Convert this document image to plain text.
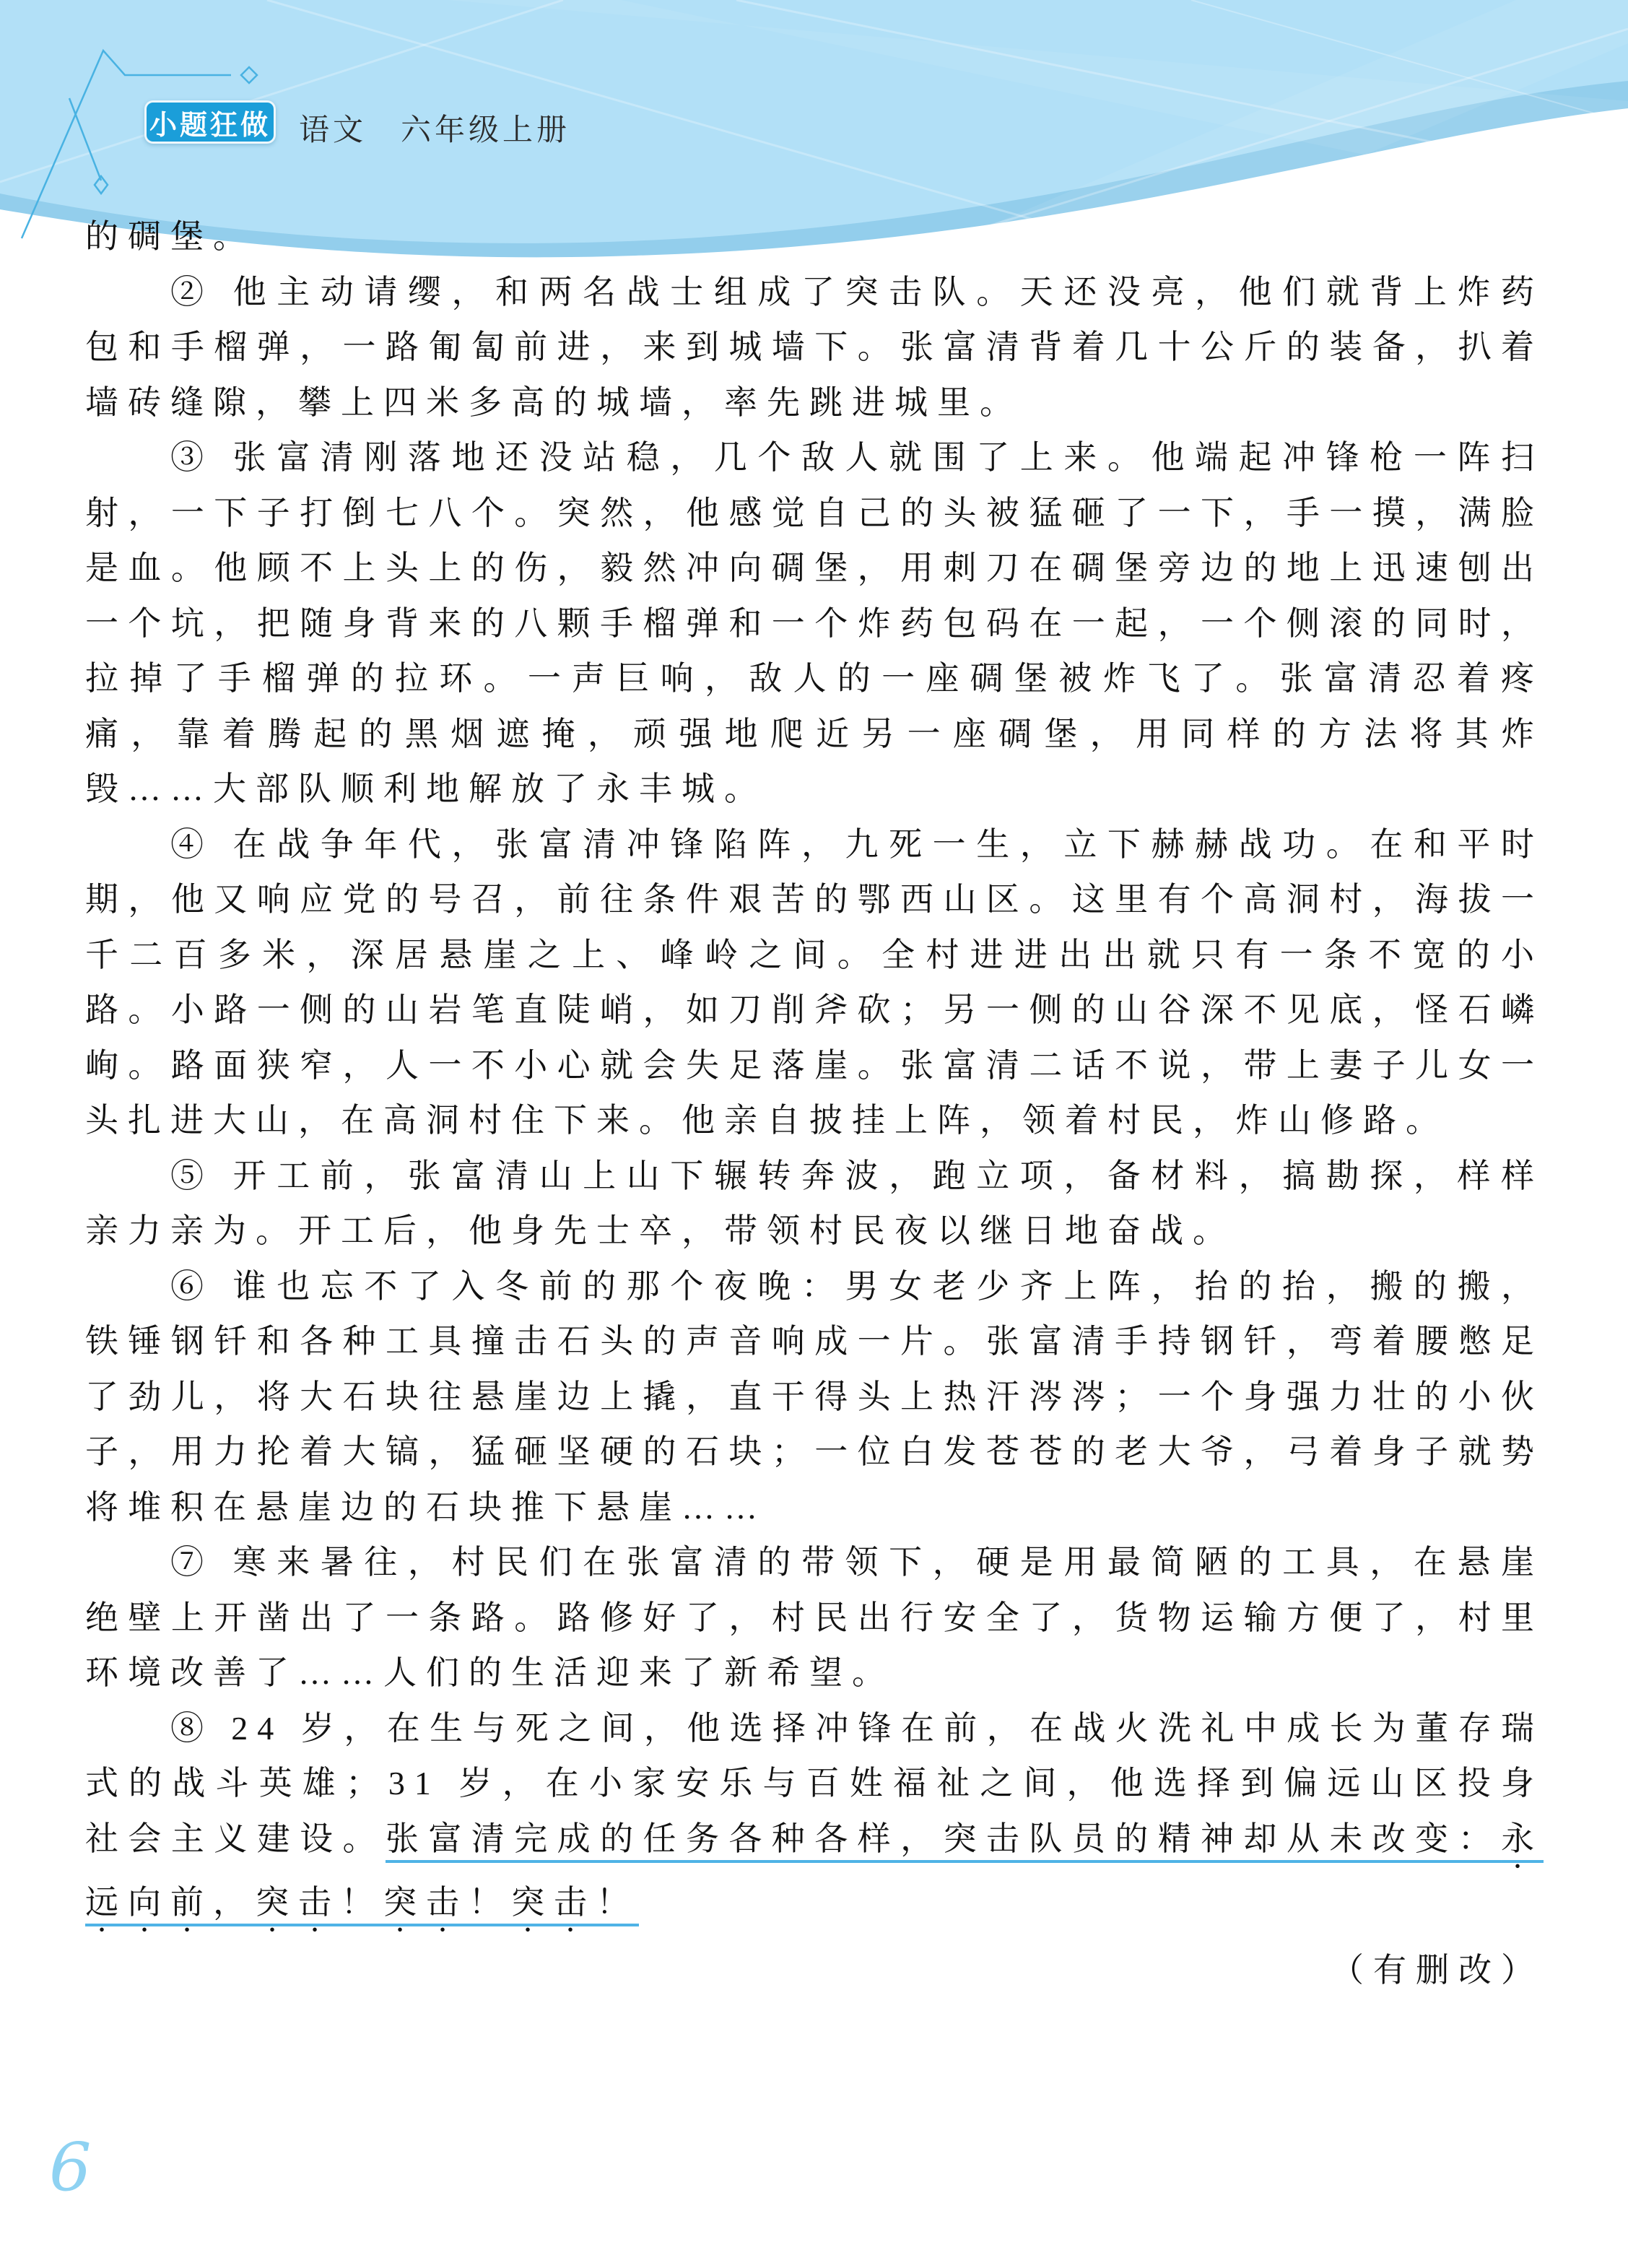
小题狂做 语文　六年级上册

的碉堡。

② 他主动请缨，和两名战士组成了突击队。天还没亮，他们就背上炸药包和手榴弹，一路匍匐前进，来到城墙下。张富清背着几十公斤的装备，扒着墙砖缝隙，攀上四米多高的城墙，率先跳进城里。

③ 张富清刚落地还没站稳，几个敌人就围了上来。他端起冲锋枪一阵扫射，一下子打倒七八个。突然，他感觉自己的头被猛砸了一下，手一摸，满脸是血。他顾不上头上的伤，毅然冲向碉堡，用刺刀在碉堡旁边的地上迅速刨出一个坑，把随身背来的八颗手榴弹和一个炸药包码在一起，一个侧滚的同时，拉掉了手榴弹的拉环。一声巨响，敌人的一座碉堡被炸飞了。张富清忍着疼痛，靠着腾起的黑烟遮掩，顽强地爬近另一座碉堡，用同样的方法将其炸毁……大部队顺利地解放了永丰城。

④ 在战争年代，张富清冲锋陷阵，九死一生，立下赫赫战功。在和平时期，他又响应党的号召，前往条件艰苦的鄂西山区。这里有个高洞村，海拔一千二百多米，深居悬崖之上、峰岭之间。全村进进出出就只有一条不宽的小路。小路一侧的山岩笔直陡峭，如刀削斧砍；另一侧的山谷深不见底，怪石嶙峋。路面狭窄，人一不小心就会失足落崖。张富清二话不说，带上妻子儿女一头扎进大山，在高洞村住下来。他亲自披挂上阵，领着村民，炸山修路。

⑤ 开工前，张富清山上山下辗转奔波，跑立项，备材料，搞勘探，样样亲力亲为。开工后，他身先士卒，带领村民夜以继日地奋战。

⑥ 谁也忘不了入冬前的那个夜晚：男女老少齐上阵，抬的抬，搬的搬，铁锤钢钎和各种工具撞击石头的声音响成一片。张富清手持钢钎，弯着腰憋足了劲儿，将大石块往悬崖边上撬，直干得头上热汗涔涔；一个身强力壮的小伙子，用力抡着大镐，猛砸坚硬的石块；一位白发苍苍的老大爷，弓着身子就势将堆积在悬崖边的石块推下悬崖……

⑦ 寒来暑往，村民们在张富清的带领下，硬是用最简陋的工具，在悬崖绝壁上开凿出了一条路。路修好了，村民出行安全了，货物运输方便了，村里环境改善了……人们的生活迎来了新希望。

⑧ 24 岁，在生与死之间，他选择冲锋在前，在战火洗礼中成长为董存瑞式的战斗英雄；31 岁，在小家安乐与百姓福祉之间，他选择到偏远山区投身社会主义建设。张富清完成的任务各种各样，突击队员的精神却从未改变：永远向前，突击！突击！突击！

（有删改）

6
